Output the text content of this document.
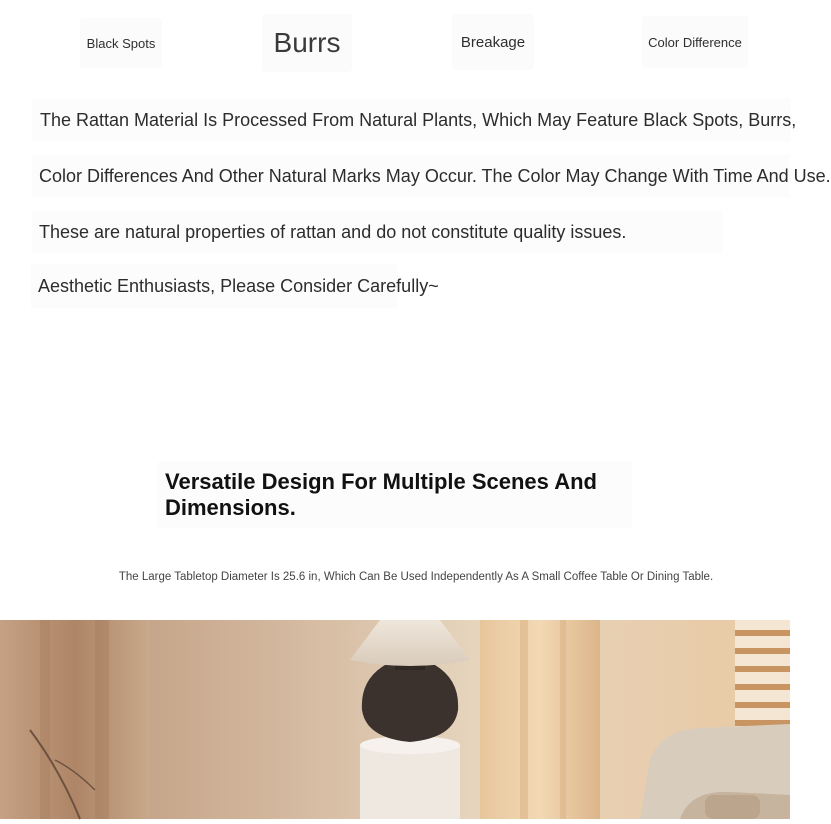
Black Spots	Burrs	Breakage	Color Difference
The Rattan Material Is Processed From Natural Plants, Which May Feature Black Spots, Burrs,
Color Differences And Other Natural Marks May Occur. The Color May Change With Time And Use.
These are natural properties of rattan and do not constitute quality issues.
Aesthetic Enthusiasts, Please Consider Carefully~
Versatile Design For Multiple Scenes And Dimensions.
The Large Tabletop Diameter Is 25.6 in, Which Can Be Used Independently As A Small Coffee Table Or Dining Table.
